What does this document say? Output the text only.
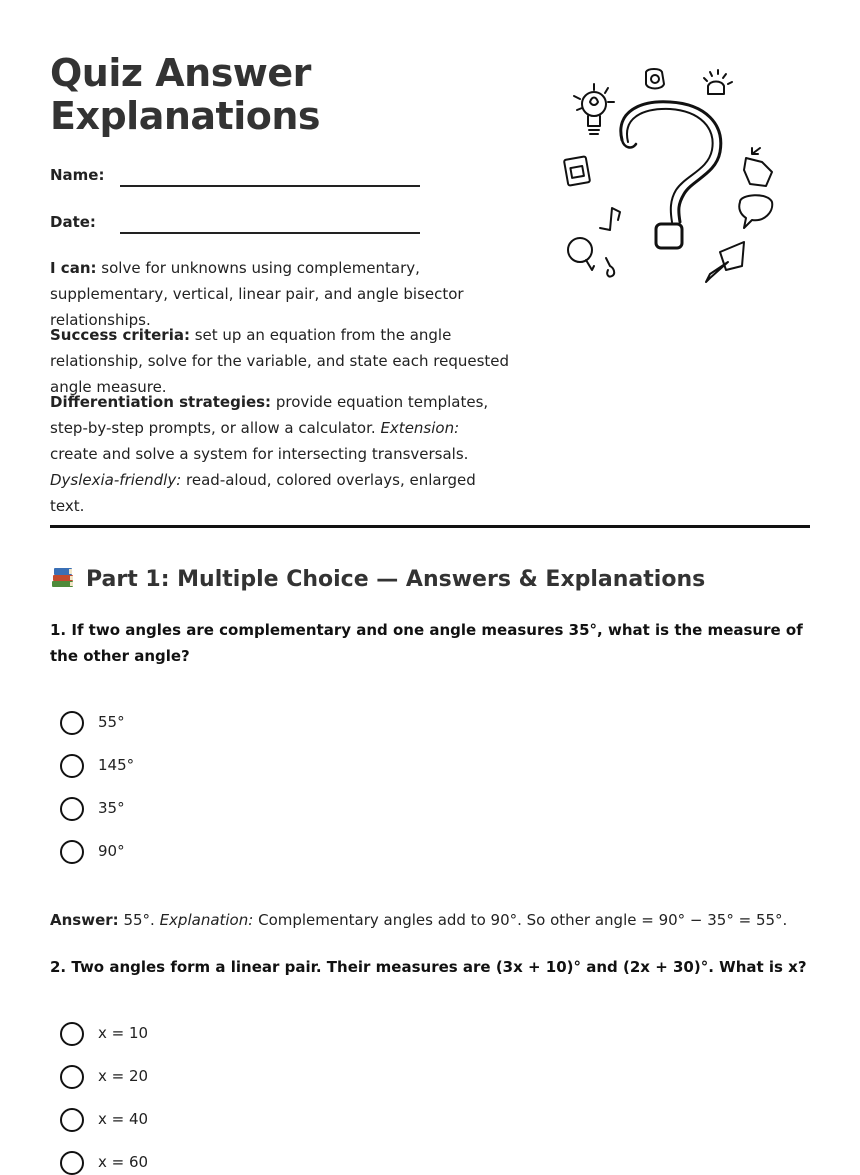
Quiz Answer
Explanations
Name:
Date:

I can: solve for unknowns using complementary, supplementary, vertical, linear pair, and angle bisector relationships.

Success criteria: set up an equation from the angle relationship, solve for the variable, and state each requested angle measure.

Differentiation strategies: provide equation templates, step-by-step prompts, or allow a calculator. Extension: create and solve a system for intersecting transversals. Dyslexia-friendly: read-aloud, colored overlays, enlarged text.

Part 1: Multiple Choice — Answers & Explanations

1. If two angles are complementary and one angle measures 35°, what is the measure of the other angle?

55°
145°
35°
90°

Answer: 55°. Explanation: Complementary angles add to 90°. So other angle = 90° − 35° = 55°.

2. Two angles form a linear pair. Their measures are (3x + 10)° and (2x + 30)°. What is x?

x = 10
x = 20
x = 40
x = 60
